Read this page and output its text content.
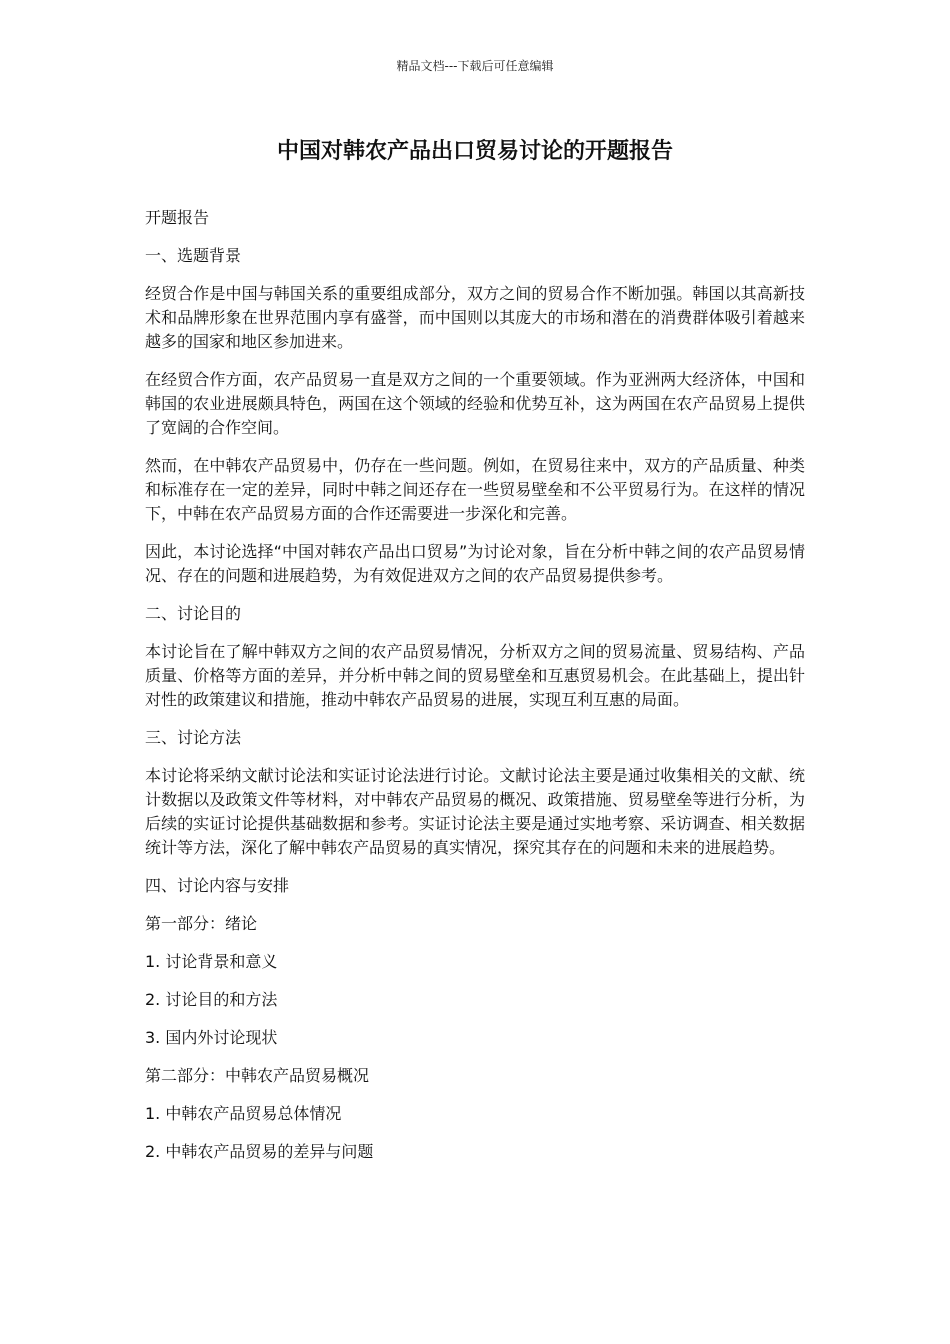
精品文档---下载后可任意编辑
中国对韩农产品出口贸易讨论的开题报告

开题报告

一、选题背景

经贸合作是中国与韩国关系的重要组成部分，双方之间的贸易合作不断加强。韩国以其高新技术和品牌形象在世界范围内享有盛誉，而中国则以其庞大的市场和潜在的消费群体吸引着越来越多的国家和地区参加进来。

在经贸合作方面，农产品贸易一直是双方之间的一个重要领域。作为亚洲两大经济体，中国和韩国的农业进展颇具特色，两国在这个领域的经验和优势互补，这为两国在农产品贸易上提供了宽阔的合作空间。

然而，在中韩农产品贸易中，仍存在一些问题。例如，在贸易往来中，双方的产品质量、种类和标准存在一定的差异，同时中韩之间还存在一些贸易壁垒和不公平贸易行为。在这样的情况下，中韩在农产品贸易方面的合作还需要进一步深化和完善。

因此，本讨论选择“中国对韩农产品出口贸易”为讨论对象，旨在分析中韩之间的农产品贸易情况、存在的问题和进展趋势，为有效促进双方之间的农产品贸易提供参考。

二、讨论目的

本讨论旨在了解中韩双方之间的农产品贸易情况，分析双方之间的贸易流量、贸易结构、产品质量、价格等方面的差异，并分析中韩之间的贸易壁垒和互惠贸易机会。在此基础上，提出针对性的政策建议和措施，推动中韩农产品贸易的进展，实现互利互惠的局面。

三、讨论方法

本讨论将采纳文献讨论法和实证讨论法进行讨论。文献讨论法主要是通过收集相关的文献、统计数据以及政策文件等材料，对中韩农产品贸易的概况、政策措施、贸易壁垒等进行分析，为后续的实证讨论提供基础数据和参考。实证讨论法主要是通过实地考察、采访调查、相关数据统计等方法，深化了解中韩农产品贸易的真实情况，探究其存在的问题和未来的进展趋势。

四、讨论内容与安排

第一部分：绪论

1. 讨论背景和意义

2. 讨论目的和方法

3. 国内外讨论现状

第二部分：中韩农产品贸易概况

1. 中韩农产品贸易总体情况

2. 中韩农产品贸易的差异与问题
